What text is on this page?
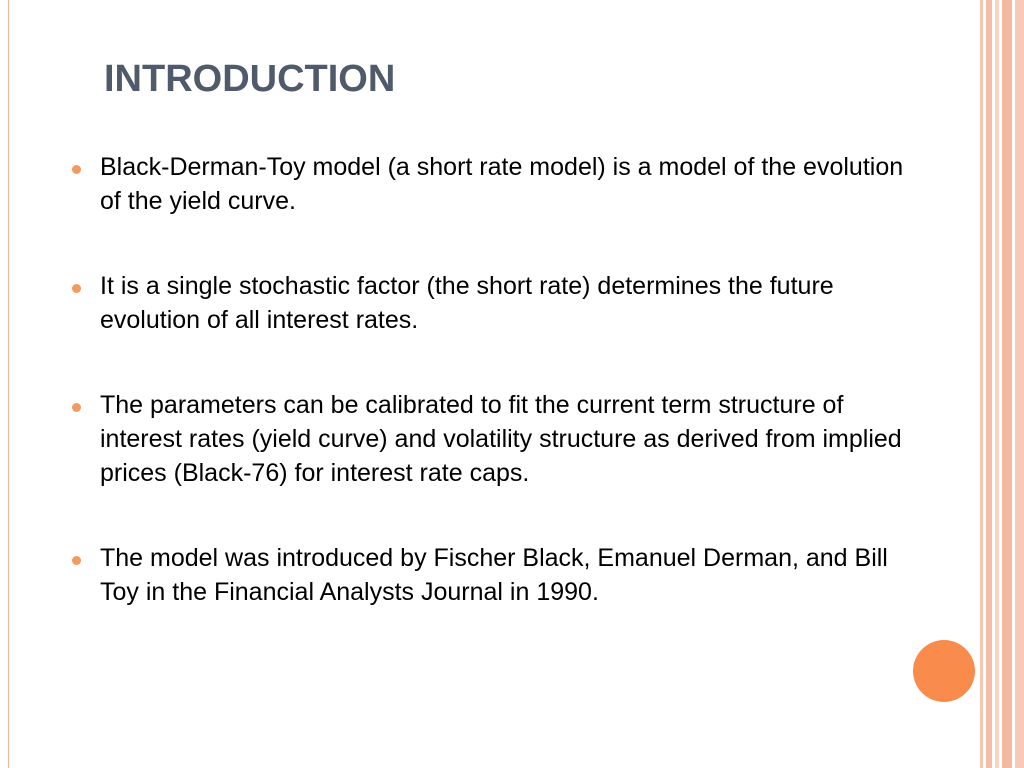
INTRODUCTION
Black-Derman-Toy model (a short rate model) is a model of the evolution of the yield curve.
It is a single stochastic factor (the short rate) determines the future evolution of all interest rates.
The parameters can be calibrated to fit the current term structure of interest rates (yield curve) and volatility structure as derived from implied prices (Black-76) for interest rate caps.
The model was introduced by Fischer Black, Emanuel Derman, and Bill Toy in the Financial Analysts Journal in 1990.
